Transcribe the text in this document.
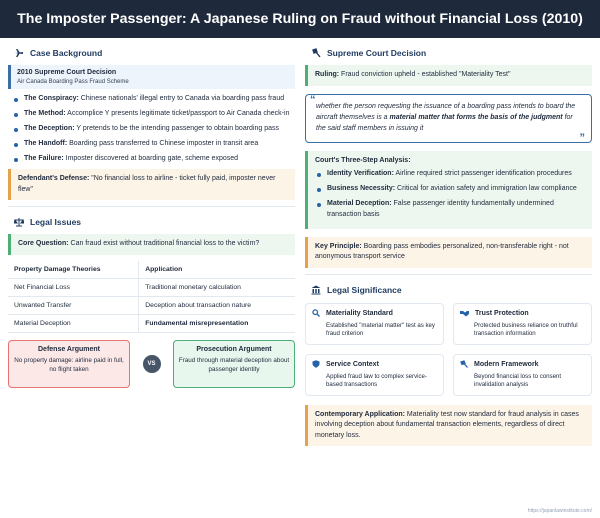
The Imposter Passenger: A Japanese Ruling on Fraud without Financial Loss (2010)
Case Background
2010 Supreme Court Decision
Air Canada Boarding Pass Fraud Scheme
The Conspiracy: Chinese nationals' illegal entry to Canada via boarding pass fraud
The Method: Accomplice Y presents legitimate ticket/passport to Air Canada check-in
The Deception: Y pretends to be the intending passenger to obtain boarding pass
The Handoff: Boarding pass transferred to Chinese imposter in transit area
The Failure: Imposter discovered at boarding gate, scheme exposed
Defendant's Defense: "No financial loss to airline - ticket fully paid, imposter never flew"
Legal Issues
Core Question: Can fraud exist without traditional financial loss to the victim?
Property Damage Theories	Application
Net Financial Loss	Traditional monetary calculation
Unwanted Transfer	Deception about transaction nature
Material Deception	Fundamental misrepresentation
Defense Argument
No property damage: airline paid in full, no flight taken
VS
Prosecution Argument
Fraud through material deception about passenger identity
Supreme Court Decision
Ruling: Fraud conviction upheld - established "Materiality Test"
“
whether the person requesting the issuance of a boarding pass intends to board the aircraft themselves is a material matter that forms the basis of the judgment for the said staff members in issuing it
”
Court's Three-Step Analysis:
Identity Verification: Airline required strict passenger identification procedures
Business Necessity: Critical for aviation safety and immigration law compliance
Material Deception: False passenger identity fundamentally undermined transaction basis
Key Principle: Boarding pass embodies personalized, non-transferable right - not anonymous transport service
Legal Significance
Materiality Standard
Established "material matter" test as key fraud criterion
Trust Protection
Protected business reliance on truthful transaction information
Service Context
Applied fraud law to complex service-based transactions
Modern Framework
Beyond financial loss to consent invalidation analysis
Contemporary Application: Materiality test now standard for fraud analysis in cases involving deception about fundamental transaction elements, regardless of direct monetary loss.
https://japanlawinstitute.com/
